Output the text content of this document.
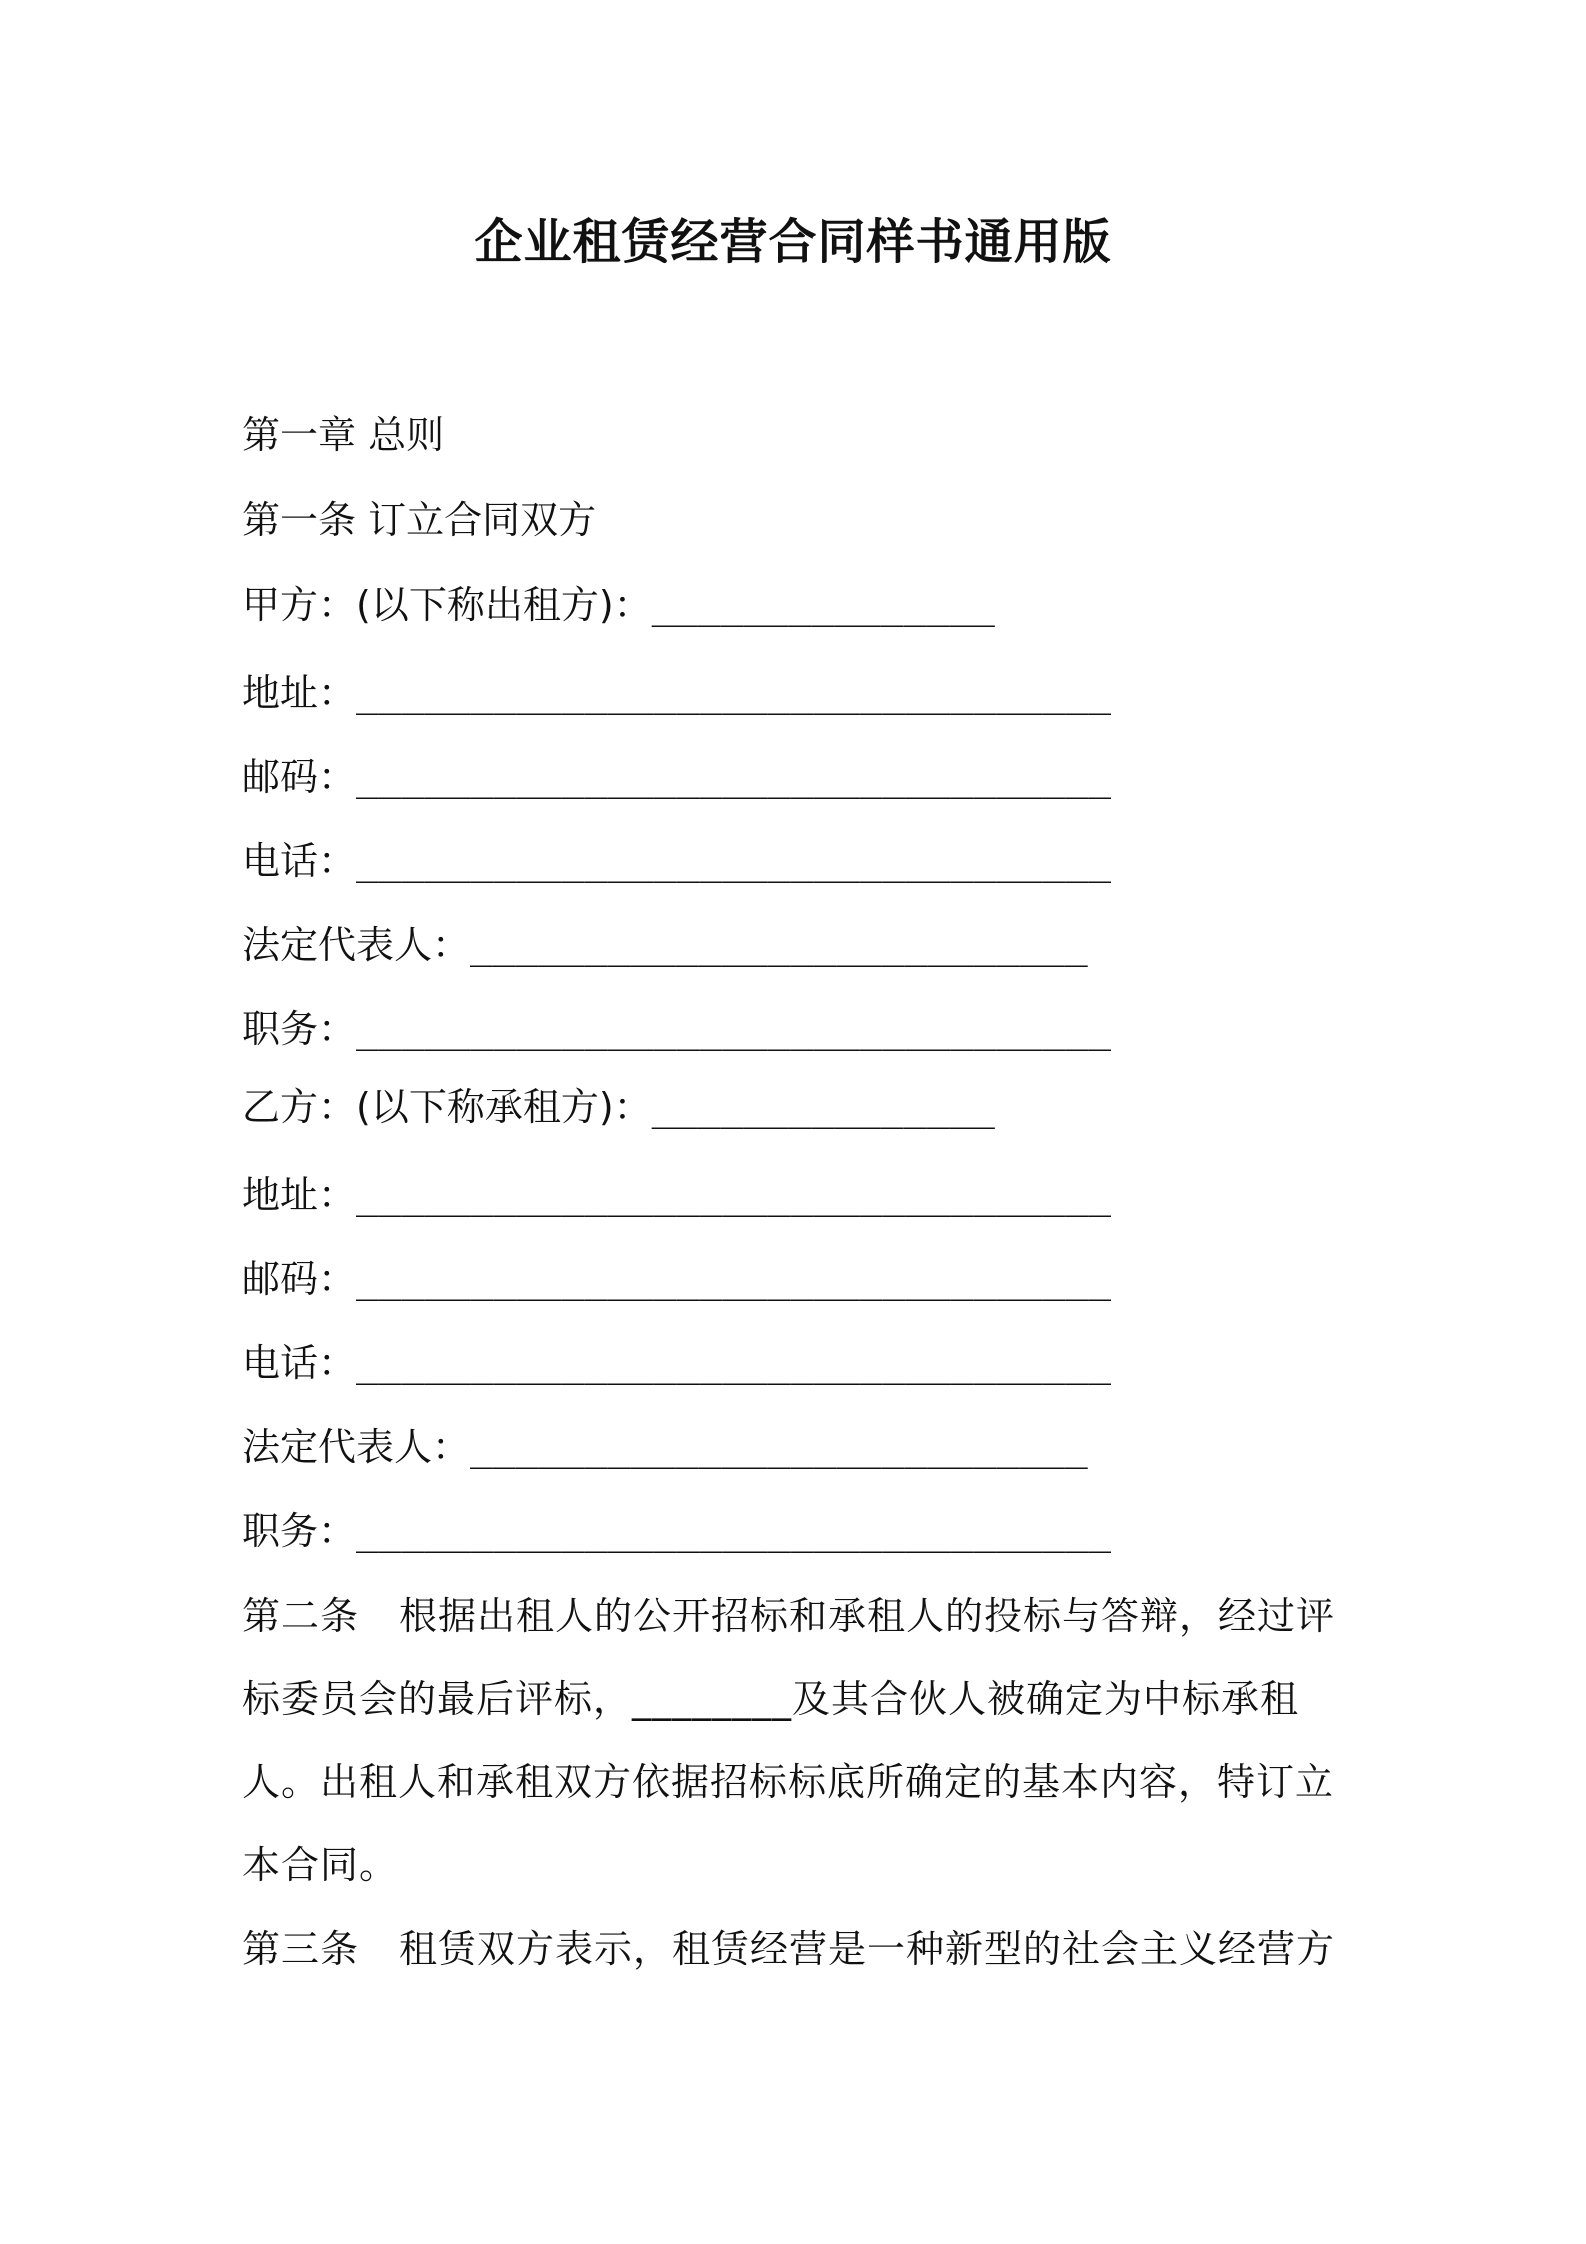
企业租赁经营合同样书通用版
第一章 总则
第一条 订立合同双方
甲方：(以下称出租方)：_______________
地址：_________________________________
邮码：_________________________________
电话：_________________________________
法定代表人：___________________________
职务：_________________________________
乙方：(以下称承租方)：_______________
地址：_________________________________
邮码：_________________________________
电话：_________________________________
法定代表人：___________________________
职务：_________________________________
第二条 根据出租人的公开招标和承租人的投标与答辩，经过评标委员会的最后评标，________及其合伙人被确定为中标承租人。出租人和承租双方依据招标标底所确定的基本内容，特订立本合同。
第三条 租赁双方表示，租赁经营是一种新型的社会主义经营方
